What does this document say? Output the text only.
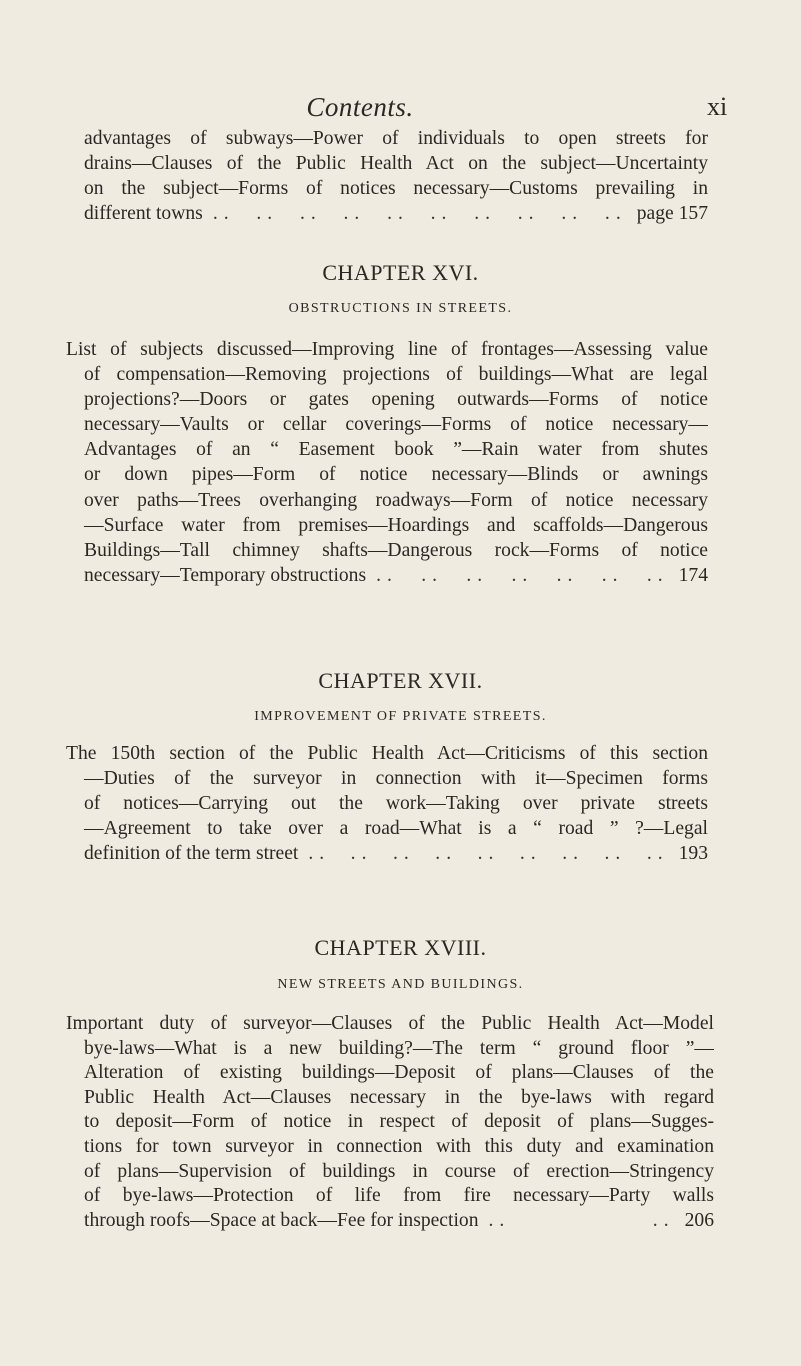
Contents.	xi
advantages of subways—Power of individuals to open streets for
drains—Clauses of the Public Health Act on the subject—Uncertainty
on the subject—Forms of notices necessary—Customs prevailing in
different towns .. .. .. .. .. .. .. .. .. .. page 157
CHAPTER XVI.
OBSTRUCTIONS IN STREETS.
List of subjects discussed—Improving line of frontages—Assessing value
of compensation—Removing projections of buildings—What are legal
projections?—Doors or gates opening outwards—Forms of notice
necessary—Vaults or cellar coverings—Forms of notice necessary—
Advantages of an “ Easement book ”—Rain water from shutes
or down pipes—Form of notice necessary—Blinds or awnings
over paths—Trees overhanging roadways—Form of notice necessary
—Surface water from premises—Hoardings and scaffolds—Dangerous
Buildings—Tall chimney shafts—Dangerous rock—Forms of notice
necessary—Temporary obstructions .. .. .. .. .. .. .. 174
CHAPTER XVII.
IMPROVEMENT OF PRIVATE STREETS.
The 150th section of the Public Health Act—Criticisms of this section
—Duties of the surveyor in connection with it—Specimen forms
of notices—Carrying out the work—Taking over private streets
—Agreement to take over a road—What is a “ road ” ?—Legal
definition of the term street .. .. .. .. .. .. .. .. .. 193
CHAPTER XVIII.
NEW STREETS AND BUILDINGS.
Important duty of surveyor—Clauses of the Public Health Act—Model
bye-laws—What is a new building?—The term “ ground floor ”—
Alteration of existing buildings—Deposit of plans—Clauses of the
Public Health Act—Clauses necessary in the bye-laws with regard
to deposit—Form of notice in respect of deposit of plans—Sugges-
tions for town surveyor in connection with this duty and examination
of plans—Supervision of buildings in course of erection—Stringency
of bye-laws—Protection of life from fire necessary—Party walls
through roofs—Space at back—Fee for inspection .. .. 206
